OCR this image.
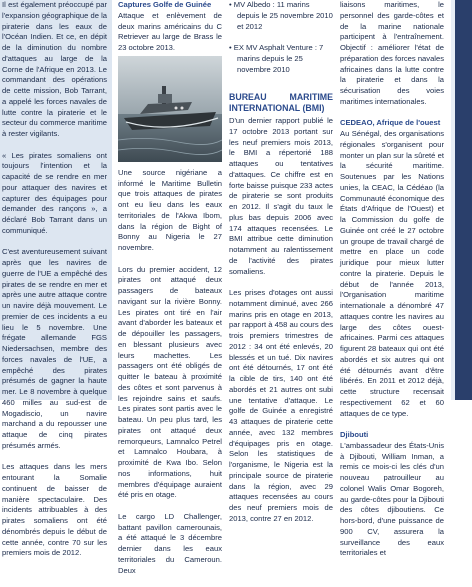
Il est également préoccupé par l'expansion géographique de la piraterie dans les eaux de l'Océan Indien. Et ce, en dépit de la diminution du nombre d'attaques au large de la Corne de l'Afrique en 2013. Le commandant des opérations de cette mission, Bob Tarrant, a appelé les forces navales de lutte contre la piraterie et le secteur du commerce maritime à rester vigilants.

« Les pirates somaliens ont toujours l'intention et la capacité de se rendre en mer pour attaquer des navires et capturer des équipages pour demander des rançons », a déclaré Bob Tarrant dans un communiqué.

C'est aventureusement suivant après que les navires de guerre de l'UE a empêché des pirates de se rendre en mer et après une autre attaque contre un navire déjà mouvement. Le premier de ces incidents a eu lieu le 5 novembre. Une frégate allemande FGS Niedersachsen, membre des forces navales de l'UE, a empêché des pirates présumés de gagner la haute mer. Le 8 novembre à quelque 460 milles au sud-est de Mogadiscio, un navire marchand a du repousser une attaque de cinq pirates présumés armés.

Les attaques dans les mers entourant la Somalie continuent de baisser de manière spectaculaire. Des incidents attribuables à des pirates somaliens ont été dénombrés depuis le début de cette année, contre 70 sur les premiers mois de 2012.

Captures Golfe de Guinée
Attaque et enlèvement de deux marins américains du C Retriever au large de Brass le 23 octobre 2013.

Une source nigériane a informé le Maritime Bulletin que trois attaques de pirates ont eu lieu dans les eaux territoriales de l'Akwa Ibom, dans la région de Bight of Bonny au Nigeria le 27 novembre.

Lors du premier accident, 12 pirates ont attaqué deux passagers de bateaux navigant sur la rivière Bonny. Les pirates ont tiré en l'air avant d'aborder les bateaux et de dépouiller les passagers, en blessant plusieurs avec leurs machettes. Les passagers ont été obligés de quitter le bateau à proximité des côtes et sont parvenus à les rejoindre sains et saufs. Les pirates sont partis avec le bateau. Un peu plus tard, les pirates ont attaqué deux remorqueurs, Lamnalco Petrel et Lamnalco Houbara, à proximité de Kwa Ibo. Selon nos informations, huit membres d'équipage auraient été pris en otage.

Le cargo LD Challenger, battant pavillon camerounais, a été attaqué le 3 décembre dernier dans les eaux territoriales du Cameroun. Deux

• MV Albedo : 11 marins depuis le 25 novembre 2010 et 2012

• EX MV Asphalt Venture : 7 marins depuis le 25 novembre 2010

BUREAU MARITIME INTERNATIONAL (BMI)

D'un dernier rapport publié le 17 octobre 2013 portant sur les neuf premiers mois 2013, le BMI a répertorié 188 attaques ou tentatives d'attaques. Ce chiffre est en forte baisse puisque 233 actes de piraterie se sont produits en 2012. Il s'agit du taux le plus bas depuis 2006 avec 174 attaques recensées. Le BMI attribue cette diminution notamment au ralentissement de l'activité des pirates somaliens.

Les prises d'otages ont aussi notamment diminué, avec 266 marins pris en otage en 2013, par rapport à 458 au cours des trois premiers trimestres de 2012 : 34 ont été enlevés, 20 blessés et un tué. Dix navires ont été détournés, 17 ont été la cible de tirs, 140 ont été abordés et 21 autres ont subi une tentative d'attaque. Le golfe de Guinée a enregistré 43 attaques de piraterie cette année, avec 132 membres d'équipages pris en otage. Selon les statistiques de l'organisme, le Nigeria est la principale source de piraterie dans la région, avec 29 attaques recensées au cours des neuf premiers mois de 2013, contre 27 en 2012.

liaisons maritimes, le personnel des garde-côtes et de la marine nationale participent à l'entraînement. Objectif : améliorer l'état de préparation des forces navales africaines dans la lutte contre la piraterie et dans la sécurisation des voies maritimes internationales.

CEDEAO, Afrique de l'ouest

Au Sénégal, des organisations régionales s'organisent pour monter un plan sur la sûreté et la sécurité maritime. Soutenues par les Nations unies, la CEAC, la Cédéao (la Communauté économique des États d'Afrique de l'Ouest) et la Commission du golfe de Guinée ont créé le 27 octobre un groupe de travail chargé de mettre en place un code juridique pour mieux lutter contre la piraterie. Depuis le début de l'année 2013, l'Organisation maritime internationale a dénombré 47 attaques contre les navires au large des côtes ouest-africaines. Parmi ces attaques figurent 28 bateaux qui ont été abordés et six autres qui ont été détournés avant d'être libérés. En 2011 et 2012 déjà, cette structure recensait respectivement 62 et 60 attaques de ce type.

Djibouti

L'ambassadeur des États-Unis à Djibouti, William Inman, a remis ce mois-ci les clés d'un nouveau patrouilleur au colonel Walis Omar Bogoreh, au garde-côtes pour la Djibouti des côtes djiboutiens. Ce hors-bord, d'une puissance de 900 CV, assurera la surveillance des eaux territoriales et
